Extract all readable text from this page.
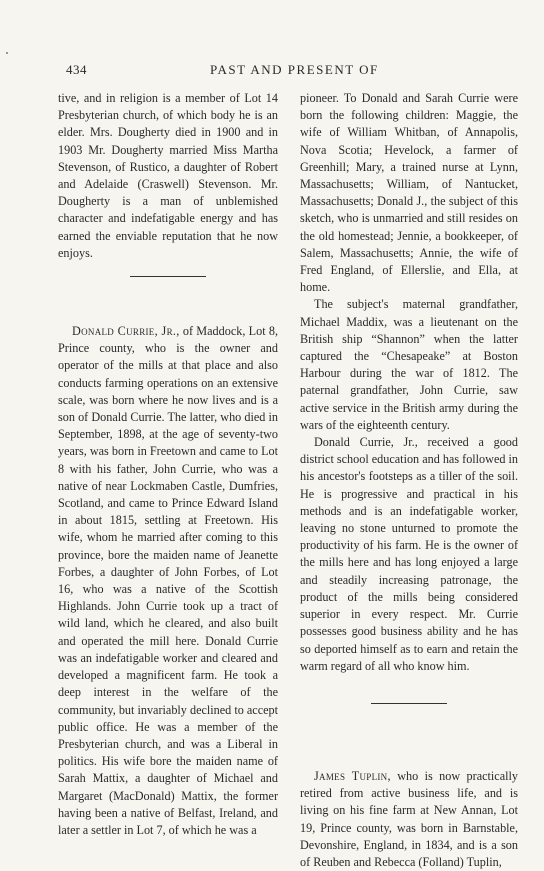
434	PAST AND PRESENT OF

tive, and in religion is a member of Lot 14 Presbyterian church, of which body he is an elder. Mrs. Dougherty died in 1900 and in 1903 Mr. Dougherty married Miss Martha Stevenson, of Rustico, a daughter of Robert and Adelaide (Craswell) Stevenson. Mr. Dougherty is a man of unblemished character and indefatigable energy and has earned the enviable reputation that he now enjoys.

Donald Currie, Jr., of Maddock, Lot 8, Prince county, who is the owner and operator of the mills at that place and also conducts farming operations on an extensive scale, was born where he now lives and is a son of Donald Currie. The latter, who died in September, 1898, at the age of seventy-two years, was born in Freetown and came to Lot 8 with his father, John Currie, who was a native of near Lockmaben Castle, Dumfries, Scotland, and came to Prince Edward Island in about 1815, settling at Freetown. His wife, whom he married after coming to this province, bore the maiden name of Jeanette Forbes, a daughter of John Forbes, of Lot 16, who was a native of the Scottish Highlands. John Currie took up a tract of wild land, which he cleared, and also built and operated the mill here. Donald Currie was an indefatigable worker and cleared and developed a magnificent farm. He took a deep interest in the welfare of the community, but invariably declined to accept public office. He was a member of the Presbyterian church, and was a Liberal in politics. His wife bore the maiden name of Sarah Mattix, a daughter of Michael and Margaret (MacDonald) Mattix, the former having been a native of Belfast, Ireland, and later a settler in Lot 7, of which he was a

pioneer. To Donald and Sarah Currie were born the following children: Maggie, the wife of William Whitban, of Annapolis, Nova Scotia; Hevelock, a farmer of Greenhill; Mary, a trained nurse at Lynn, Massachusetts; William, of Nantucket, Massachusetts; Donald J., the subject of this sketch, who is unmarried and still resides on the old homestead; Jennie, a bookkeeper, of Salem, Massachusetts; Annie, the wife of Fred England, of Ellerslie, and Ella, at home.

The subject's maternal grandfather, Michael Maddix, was a lieutenant on the British ship “Shannon” when the latter captured the “Chesapeake” at Boston Harbour during the war of 1812. The paternal grandfather, John Currie, saw active service in the British army during the wars of the eighteenth century.

Donald Currie, Jr., received a good district school education and has followed in his ancestor's footsteps as a tiller of the soil. He is progressive and practical in his methods and is an indefatigable worker, leaving no stone unturned to promote the productivity of his farm. He is the owner of the mills here and has long enjoyed a large and steadily increasing patronage, the product of the mills being considered superior in every respect. Mr. Currie possesses good business ability and he has so deported himself as to earn and retain the warm regard of all who know him.

James Tuplin, who is now practically retired from active business life, and is living on his fine farm at New Annan, Lot 19, Prince county, was born in Barnstable, Devonshire, England, in 1834, and is a son of Reuben and Rebecca (Folland) Tuplin,
